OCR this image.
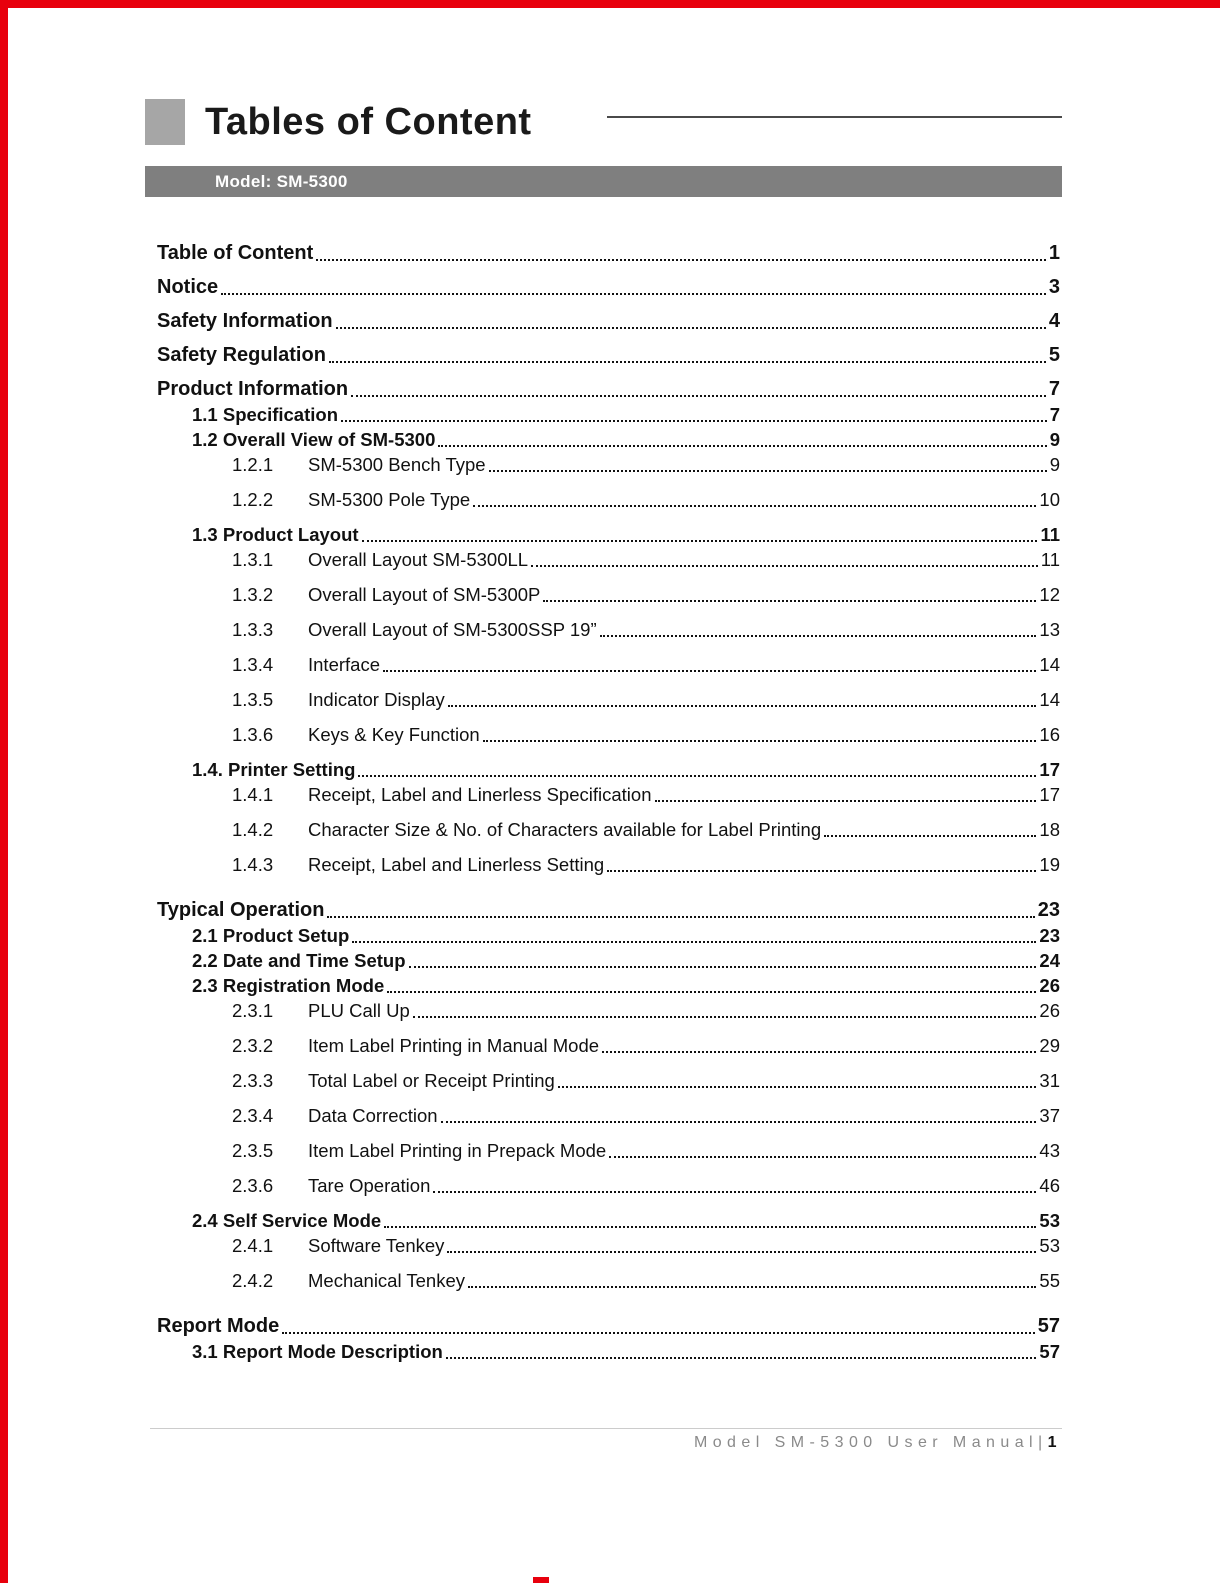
Tables of Content
Model: SM-5300
Table of Content	1
Notice	3
Safety Information	4
Safety Regulation	5
Product Information	7
1.1 Specification	7
1.2 Overall View of SM-5300	9
1.2.1	SM-5300 Bench Type	9
1.2.2	SM-5300 Pole Type	10
1.3 Product Layout	11
1.3.1	Overall Layout SM-5300LL	11
1.3.2	Overall Layout of SM-5300P	12
1.3.3	Overall Layout of SM-5300SSP 19”	13
1.3.4	Interface	14
1.3.5	Indicator Display	14
1.3.6	Keys & Key Function	16
1.4. Printer Setting	17
1.4.1	Receipt, Label and Linerless Specification	17
1.4.2	Character Size & No. of Characters available for Label Printing	18
1.4.3	Receipt, Label and Linerless Setting	19
Typical Operation	23
2.1 Product Setup	23
2.2 Date and Time Setup	24
2.3 Registration Mode	26
2.3.1	PLU Call Up	26
2.3.2	Item Label Printing in Manual Mode	29
2.3.3	Total Label or Receipt Printing	31
2.3.4	Data Correction	37
2.3.5	Item Label Printing in Prepack Mode	43
2.3.6	Tare Operation	46
2.4 Self Service Mode	53
2.4.1	Software Tenkey	53
2.4.2	Mechanical Tenkey	55
Report Mode	57
3.1 Report Mode Description	57
Model SM-5300 User Manual|1
